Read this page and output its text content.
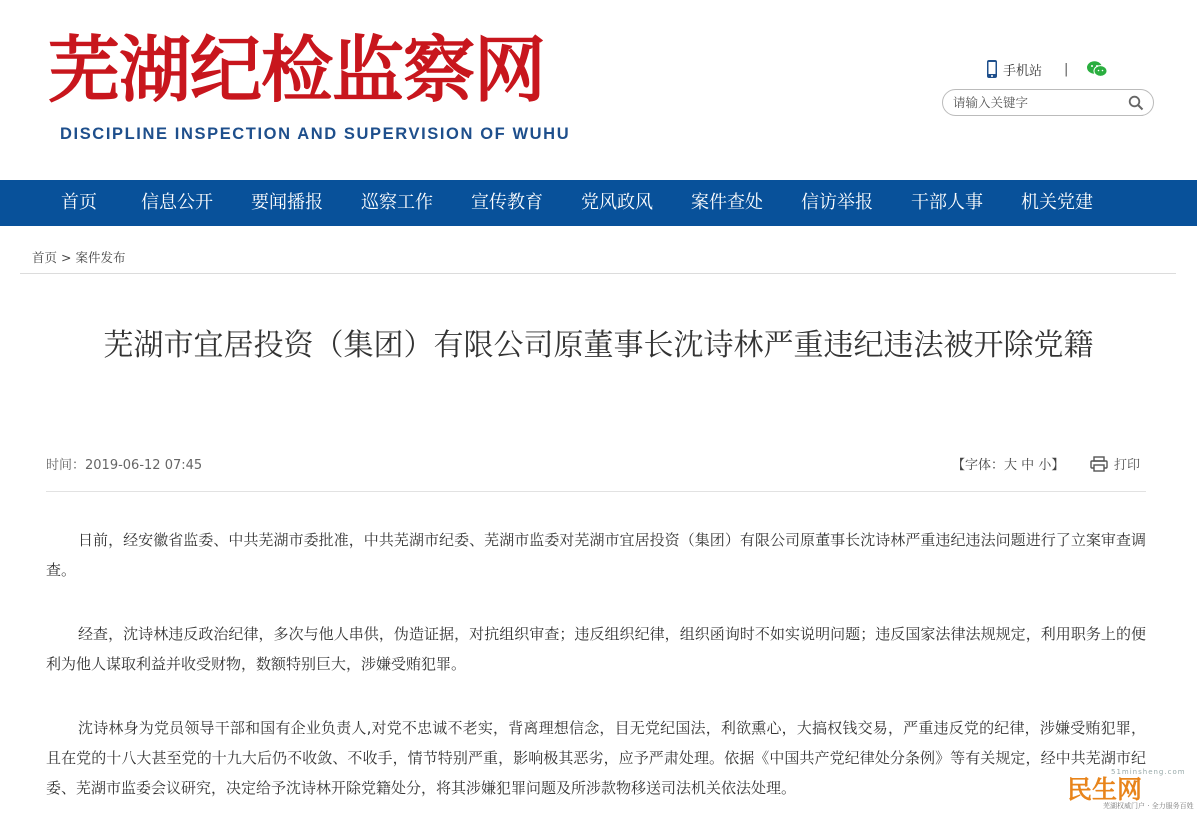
芜湖纪检监察网
DISCIPLINE INSPECTION AND SUPERVISION OF WUHU
手机站 |
请输入关键字
首页 信息公开 要闻播报 巡察工作 宣传教育 党风政风 案件查处 信访举报 干部人事 机关党建
首页 > 案件发布
芜湖市宜居投资（集团）有限公司原董事长沈诗林严重违纪违法被开除党籍
时间：2019-06-12 07:45	【字体：大 中 小】	打印

日前，经安徽省监委、中共芜湖市委批准，中共芜湖市纪委、芜湖市监委对芜湖市宜居投资（集团）有限公司原董事长沈诗林严重违纪违法问题进行了立案审查调查。

经查，沈诗林违反政治纪律，多次与他人串供，伪造证据，对抗组织审查；违反组织纪律，组织函询时不如实说明问题；违反国家法律法规规定，利用职务上的便利为他人谋取利益并收受财物，数额特别巨大，涉嫌受贿犯罪。

沈诗林身为党员领导干部和国有企业负责人,对党不忠诚不老实，背离理想信念，目无党纪国法，利欲熏心，大搞权钱交易，严重违反党的纪律，涉嫌受贿犯罪，且在党的十八大甚至党的十九大后仍不收敛、不收手，情节特别严重，影响极其恶劣，应予严肃处理。依据《中国共产党纪律处分条例》等有关规定，经中共芜湖市纪委、芜湖市监委会议研究，决定给予沈诗林开除党籍处分，将其涉嫌犯罪问题及所涉款物移送司法机关依法处理。

51minsheng.com
民生网
芜湖权威门户 · 全力服务百姓
